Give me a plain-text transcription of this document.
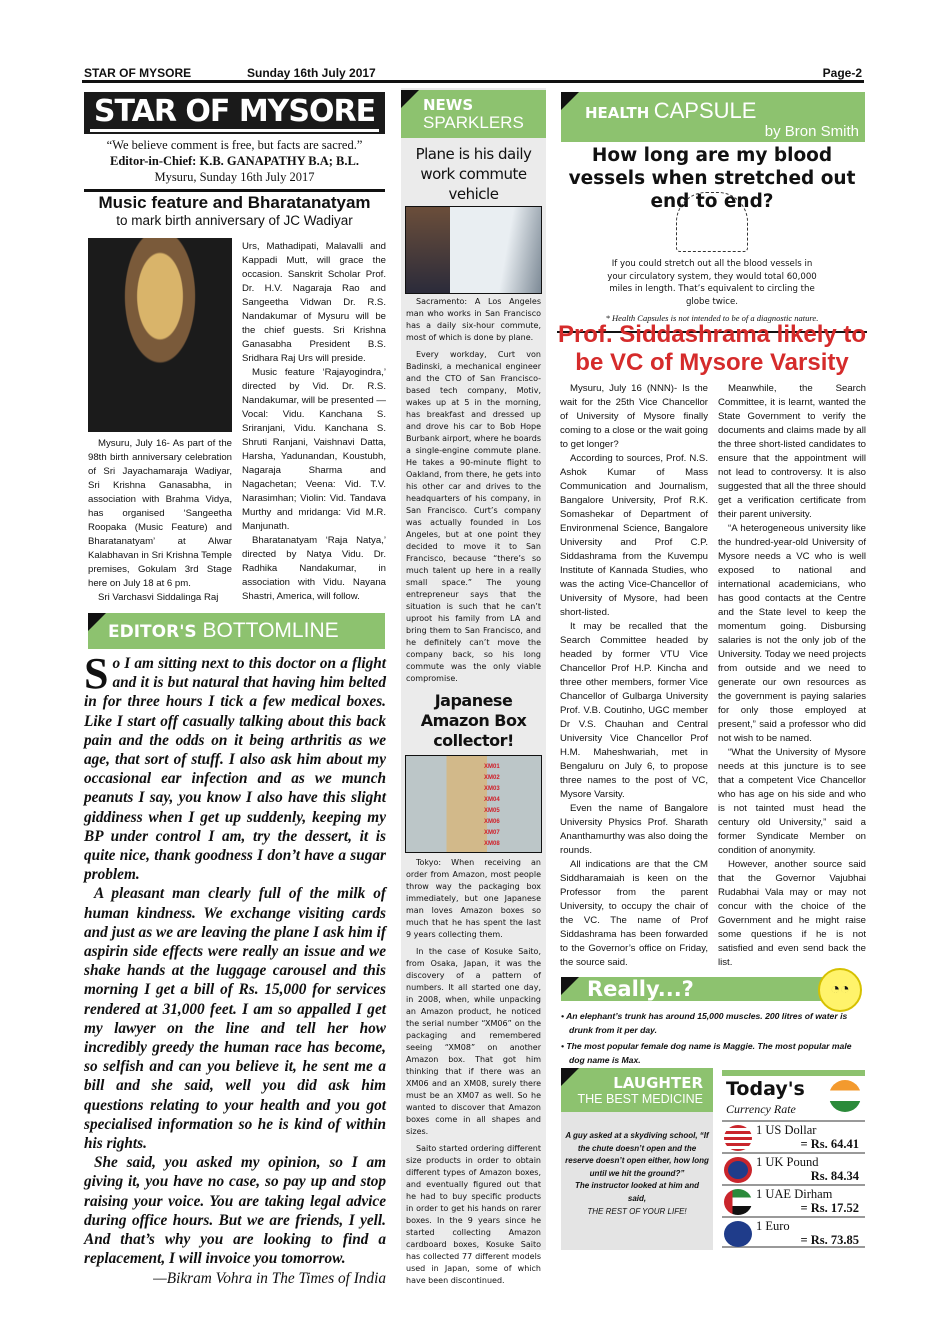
STAR OF MYSORE	Sunday 16th July 2017	Page-2
STAR OF MYSORE
“We believe comment is free, but facts are sacred.”
Editor-in-Chief: K.B. GANAPATHY B.A; B.L.
Mysuru, Sunday 16th July 2017
Music feature and Bharatanatyam
to mark birth anniversary of JC Wadiyar

Mysuru, July 16- As part of the 98th birth anniversary celebration of Sri Jayachamaraja Wadiyar, Sri Krishna Ganasabha, in association with Brahma Vidya, has organised ‘Sangeetha Roopaka (Music Feature) and Bharatanatyam’ at Alwar Kalabhavan in Sri Krishna Temple premises, Gokulam 3rd Stage here on July 18 at 6 pm.

Sri Varchasvi Siddalinga Raj

Urs, Mathadipati, Malavalli and Kappadi Mutt, will grace the occasion. Sanskrit Scholar Prof. Dr. H.V. Nagaraja Rao and Sangeetha Vidwan Dr. R.S. Nandakumar of Mysuru will be the chief guests. Sri Krishna Ganasabha President B.S. Sridhara Raj Urs will preside.

Music feature ‘Rajayogindra,’ directed by Vid. Dr. R.S. Nandakumar, will be presented — Vocal: Vidu. Kanchana S. Sriranjani, Vidu. Kanchana S. Shruti Ranjani, Vaishnavi Datta, Harsha, Yadunandan, Koustubh, Nagaraja Sharma and Nagachetan; Veena: Vid. T.V. Narasimhan; Violin: Vid. Tandava Murthy and mridanga: Vid M.R. Manjunath.

Bharatanatyam ‘Raja Natya,’ directed by Natya Vidu. Dr. Radhika Nandakumar, in association with Vidu. Nayana Shastri, America, will follow.

EDITOR'S BOTTOMLINE

So I am sitting next to this doctor on a flight and it is but natural that having him belted in for three hours I tick a few medical boxes. Like I start off casually talking about this back pain and the odds on it being arthritis as we age, that sort of stuff. I also ask him about my occasional ear infection and as we munch peanuts I say, you know I also have this slight giddiness when I get up suddenly, keeping my BP under control I am, try the dessert, it is quite nice, thank goodness I don’t have a sugar problem.

A pleasant man clearly full of the milk of human kindness. We exchange visiting cards and just as we are leaving the plane I ask him if aspirin side effects were really an issue and we shake hands at the luggage carousel and this morning I get a bill of Rs. 15,000 for services rendered at 31,000 feet. I am so appalled I get my lawyer on the line and tell her how incredibly greedy the human race has become, so selfish and can you believe it, he sent me a bill and she said, well you did ask him questions relating to your health and you got specialised information so he is kind of within his rights.

She said, you asked my opinion, so I am giving it, you have no case, so pay up and stop raising your voice. You are taking legal advice during office hours. But we are friends, I yell. And that’s why you are looking to find a replacement, I will invoice you tomorrow.

—Bikram Vohra in The Times of India

NEWS
SPARKLERS
Plane is his daily work commute vehicle

Sacramento: A Los Angeles man who works in San Francisco has a daily six-hour commute, most of which is done by plane.

Every workday, Curt von Badinski, a mechanical engineer and the CTO of San Francisco-based tech company, Motiv, wakes up at 5 in the morning, has breakfast and dressed up and drove his car to Bob Hope Burbank airport, where he boards a single-engine commute plane. He takes a 90-minute flight to Oakland, from there, he gets into his other car and drives to the headquarters of his company, in San Francisco. Curt’s company was actually founded in Los Angeles, but at one point they decided to move it to San Francisco, because “there’s so much talent up here in a really small space.” The young entrepreneur says that the situation is such that he can’t uproot his family from LA and bring them to San Francisco, and he definitely can’t move the company back, so his long commute was the only viable compromise.

Japanese Amazon Box collector!
XM01
XM02
XM03
XM04
XM05
XM06
XM07
XM08

Tokyo: When receiving an order from Amazon, most people throw way the packaging box immediately, but one Japanese man loves Amazon boxes so much that he has spent the last 9 years collecting them.

In the case of Kosuke Saito, from Osaka, Japan, it was the discovery of a pattern of numbers. It all started one day, in 2008, when, while unpacking an Amazon product, he noticed the serial number “XM06” on the packaging and remembered seeing “XM08” on another Amazon box. That got him thinking that if there was an XM06 and an XM08, surely there must be an XM07 as well. So he wanted to discover that Amazon boxes come in all shapes and sizes.

Saito started ordering different size products in order to obtain different types of Amazon boxes, and eventually figured out that he had to buy specific products in order to get his hands on rarer boxes. In the 9 years since he started collecting Amazon cardboard boxes, Kosuke Saito has collected 77 different models used in Japan, some of which have been discontinued.

HEALTH CAPSULE
by Bron Smith
How long are my blood vessels when stretched out end to end?
If you could stretch out all the blood vessels in your circulatory system, they would total 60,000 miles in length. That’s equivalent to circling the globe twice.
* Health Capsules is not intended to be of a diagnostic nature.
Prof. Siddashrama likely to be VC of Mysore Varsity

Mysuru, July 16 (NNN)- Is the wait for the 25th Vice Chancellor of University of Mysore finally coming to a close or the wait going to get longer?

According to sources, Prof. N.S. Ashok Kumar of Mass Communication and Journalism, Bangalore University, Prof R.K. Somashekar of Department of Environmenal Science, Bangalore University and Prof C.P. Siddashrama from the Kuvempu Institute of Kannada Studies, who was the acting Vice-Chancellor of University of Mysore, had been short-listed.

It may be recalled that the Search Committee headed by headed by former VTU Vice Chancellor Prof H.P. Kincha and three other members, former Vice Chancellor of Gulbarga University Prof. V.B. Coutinho, UGC member Dr V.S. Chauhan and Central University Vice Chancellor Prof H.M. Maheshwariah, met in Bengaluru on July 6, to propose three names to the post of VC, Mysore Varsity.

Even the name of Bangalore University Physics Prof. Sharath Ananthamurthy was also doing the rounds.

All indications are that the CM Siddharamaiah is keen on the Professor from the parent University, to occupy the chair of the VC. The name of Prof Siddashrama has been forwarded to the Governor’s office on Friday, the source said.

Meanwhile, the Search Committee, it is learnt, wanted the State Government to verify the documents and claims made by all the three short-listed candidates to ensure that the appointment will not lead to controversy. It is also suggested that all the three should get a verification certificate from their parent university.

“A heterogeneous university like the hundred-year-old University of Mysore needs a VC who is well exposed to national and international academicians, who has good contacts at the Centre and the State level to keep the momentum going. Disbursing salaries is not the only job of the University. Today we need projects from outside and we need to generate our own resources as the government is paying salaries for only those employed at present,” said a professor who did not wish to be named.

“What the University of Mysore needs at this juncture is to see that a competent Vice Chancellor who has age on his side and who is not tainted must head the century old University,” said a former Syndicate Member on condition of anonymity.

However, another source said that the Governor Vajubhai Rudabhai Vala may or may not concur with the choice of the Government and he might raise some questions if he is not satisfied and even send back the list.

Really...?	◔◔
• An elephant’s trunk has around 15,000 muscles. 200 litres of water is drunk from it per day.
• The most popular female dog name is Maggie. The most popular male dog name is Max.
LAUGHTER
THE BEST MEDICINE
A guy asked at a skydiving school, “If the chute doesn’t open and the reserve doesn’t open either, how long until we hit the ground?”
The instructor looked at him and said,
THE REST OF YOUR LIFE!
Today's
Currency Rate
1 US Dollar
= Rs. 64.41
1 UK Pound
Rs. 84.34
1 UAE Dirham
= Rs. 17.52
1 Euro
= Rs. 73.85
